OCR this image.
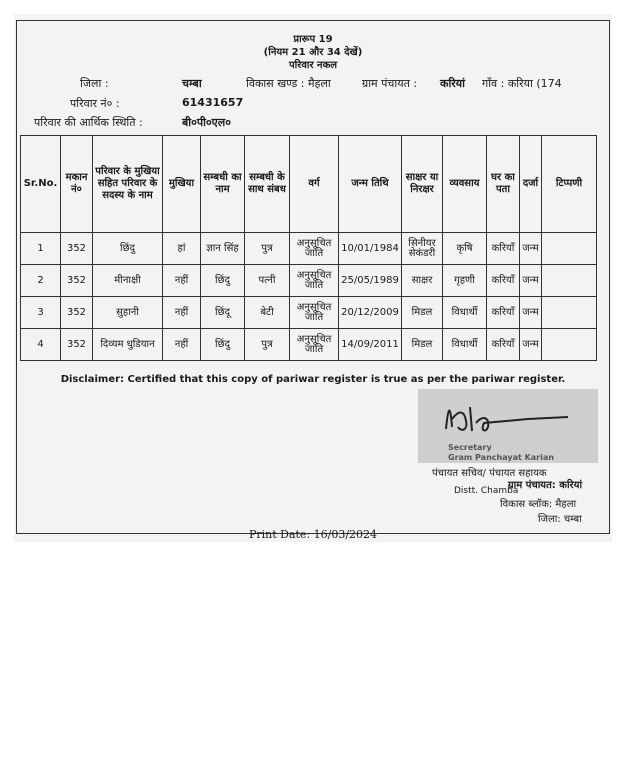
प्रारूप 19
(नियम 21 और 34 देखें)
परिवार नकल
जिला :	चम्बा	विकास खण्ड : मैहला	ग्राम पंचायत : करियां गाँव : करिया (174
परिवार नं० :	61431657
परिवार की आर्थिक स्थिति :	बी०पी०एल०
Sr.No.	मकान नं०	परिवार के मुखिया सहित परिवार के सदस्य के नाम	मुखिया	सम्बधी का नाम	सम्बधी के साथ संबध	वर्ग	जन्म तिथि	साक्षर या निरक्षर	व्यवसाय	घर का पता	दर्जा	टिप्पणी
1	352	छिंदु	हां	ज्ञान सिंह	पुत्र	अनुसूचित जाति	10/01/1984	सिनीयर सेकंडरी	कृषि	करियाँ	जन्म	
2	352	मीनाक्षी	नहीं	छिंदु	पत्नी	अनुसूचित जाति	25/05/1989	साक्षर	गृहणी	करियाँ	जन्म	
3	352	सुहानी	नहीं	छिंदू	बेटी	अनुसूचित जाति	20/12/2009	मिडल	विधार्थी	करियाँ	जन्म	
4	352	दिव्यम धुडियान	नहीं	छिंदु	पुत्र	अनुसूचित जाति	14/09/2011	मिडल	विधार्थी	करियाँ	जन्म	
Disclaimer: Certified that this copy of pariwar register is true as per the pariwar register.
Secretary
Gram Panchayat Karian
पंचायत सचिव/ पंचायत सहायक
ग्राम पंचायत: करियां
Distt. Chamba
विकास ब्लॉक: मैहला
जिला: चम्बा
Print Date: 16/03/2024
